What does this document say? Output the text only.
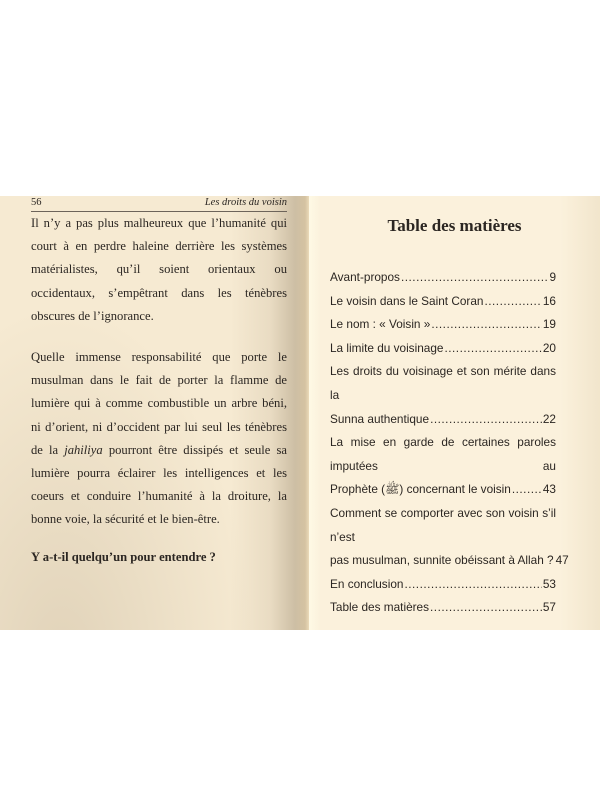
56	Les droits du voisin

Il n’y a pas plus malheureux que l’humanité qui court à en perdre haleine derrière les systèmes matérialistes, qu’il soient orientaux ou occidentaux, s’empêtrant dans les ténèbres obscures de l’ignorance.

Quelle immense responsabilité que porte le musulman dans le fait de porter la flamme de lumière qui à comme combustible un arbre béni, ni d’orient, ni d’occident par lui seul les ténèbres de la jahiliya pourront être dissipés et seule sa lumière pourra éclairer les intelligences et les coeurs et conduire l’humanité à la droiture, la bonne voie, la sécurité et le bien-être.

Y a-t-il quelqu’un pour entendre ?

Table des matières
Avant-propos .....	9
Le voisin dans le Saint Coran .....	16
Le nom : « Voisin » .....	19
La limite du voisinage .....	20
Les droits du voisinage et son mérite dans la
Sunna authentique .....	22
La mise en garde de certaines paroles imputées au
Prophète (ﷺ) concernant le voisin .....	43
Comment se comporter avec son voisin s’il n’est
pas musulman, sunnite obéissant à Allah ? 47
En conclusion .....	53
Table des matières .....	57
